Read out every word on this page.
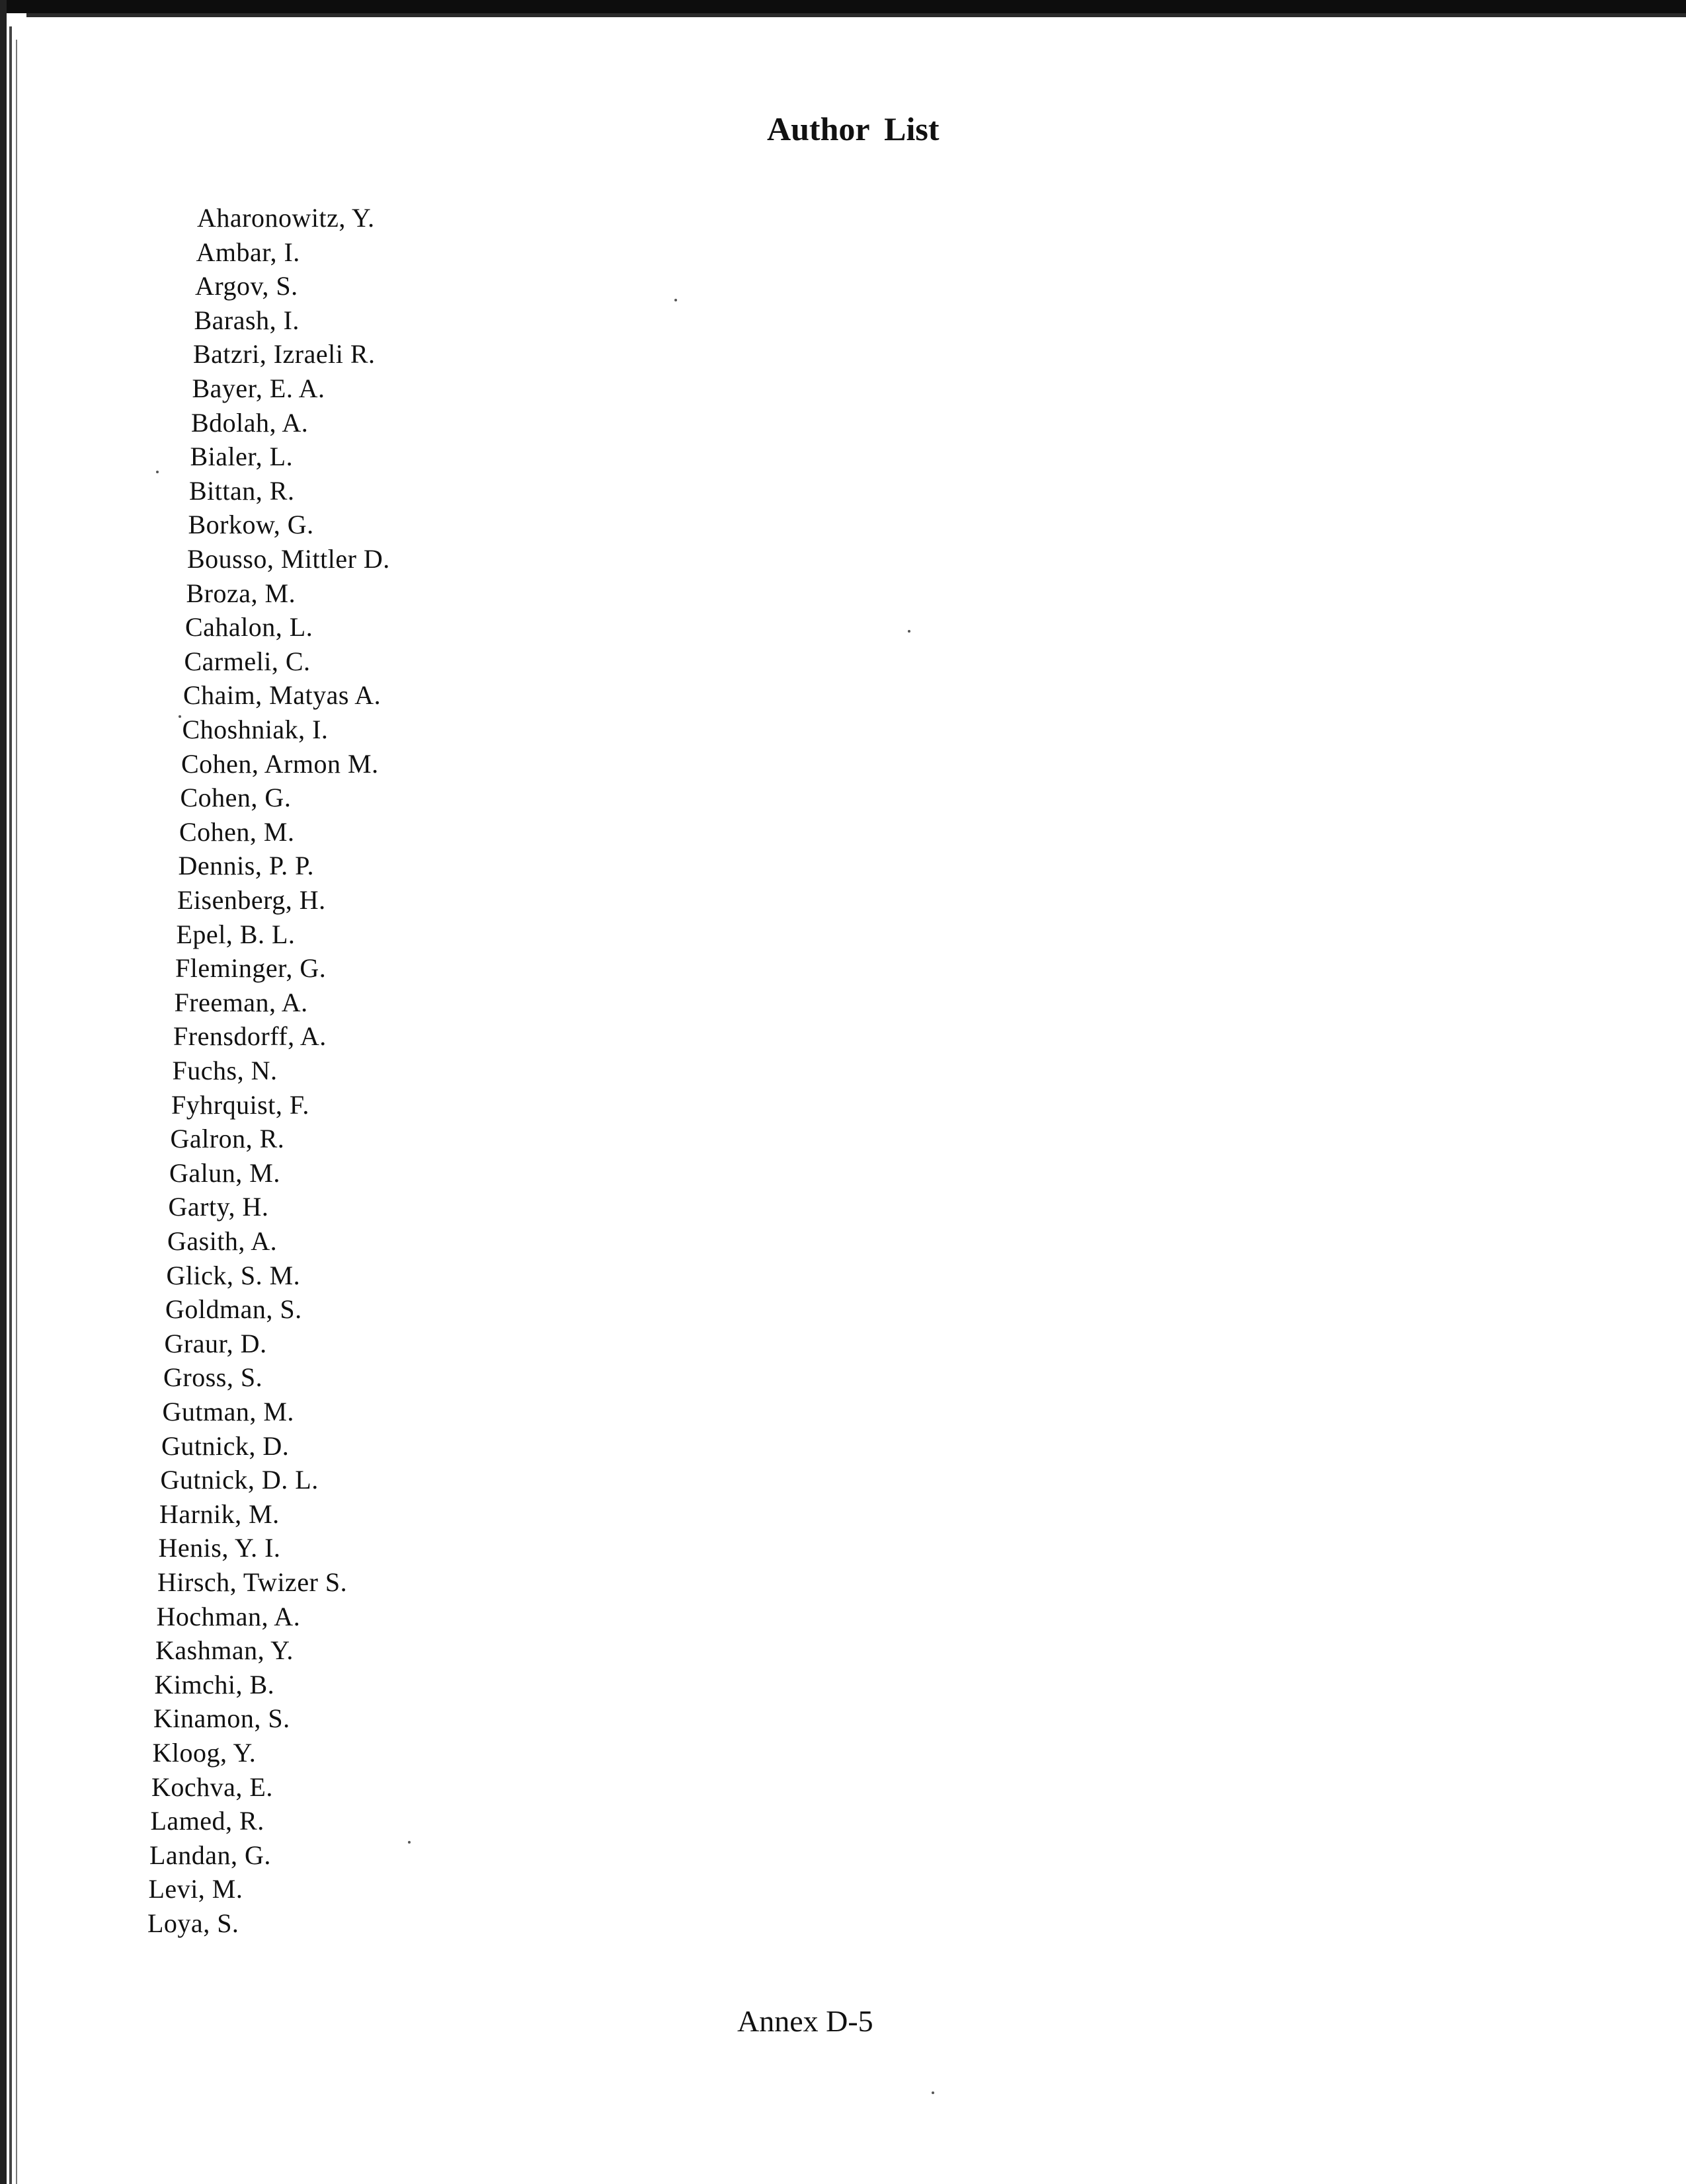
Author List
Aharonowitz, Y.
Ambar, I.
Argov, S.
Barash, I.
Batzri, Izraeli R.
Bayer, E. A.
Bdolah, A.
Bialer, L.
Bittan, R.
Borkow, G.
Bousso, Mittler D.
Broza, M.
Cahalon, L.
Carmeli, C.
Chaim, Matyas A.
Choshniak, I.
Cohen, Armon M.
Cohen, G.
Cohen, M.
Dennis, P. P.
Eisenberg, H.
Epel, B. L.
Fleminger, G.
Freeman, A.
Frensdorff, A.
Fuchs, N.
Fyhrquist, F.
Galron, R.
Galun, M.
Garty, H.
Gasith, A.
Glick, S. M.
Goldman, S.
Graur, D.
Gross, S.
Gutman, M.
Gutnick, D.
Gutnick, D. L.
Harnik, M.
Henis, Y. I.
Hirsch, Twizer S.
Hochman, A.
Kashman, Y.
Kimchi, B.
Kinamon, S.
Kloog, Y.
Kochva, E.
Lamed, R.
Landan, G.
Levi, M.
Loya, S.
Annex D-5
